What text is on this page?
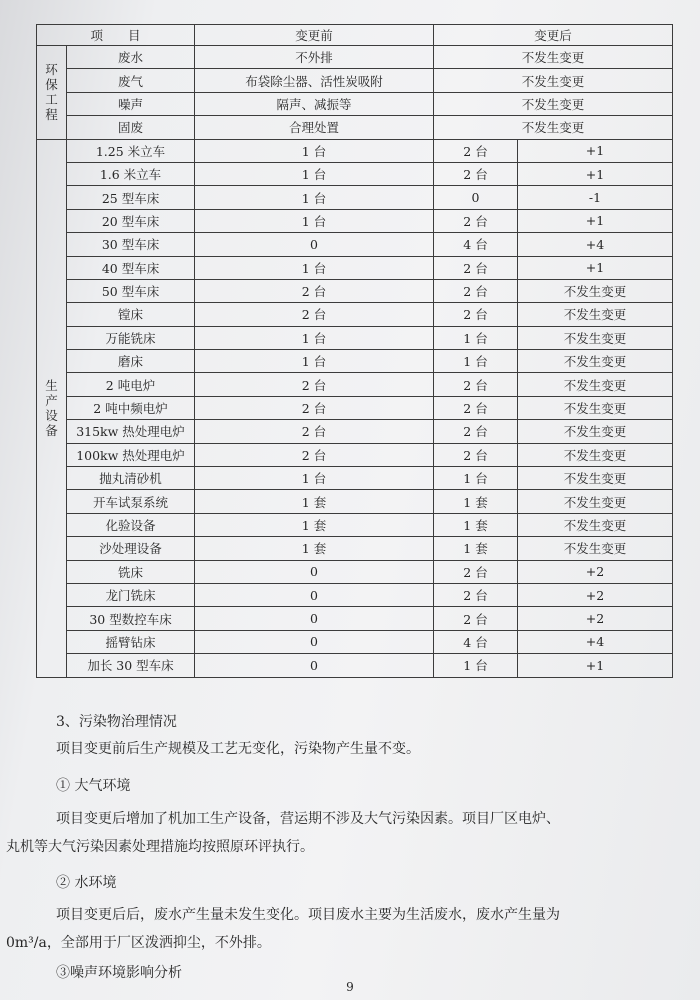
项　　目		变更前	变更后	
环保工程	废水	不外排	不发生变更	
	废气	布袋除尘器、活性炭吸附	不发生变更	
	噪声	隔声、减振等	不发生变更	
	固废	合理处置	不发生变更	
生产设备	1.25 米立车	1 台	2 台	+1
	1.6 米立车	1 台	2 台	+1
	25 型车床	1 台	0	-1
	20 型车床	1 台	2 台	+1
	30 型车床	0	4 台	+4
	40 型车床	1 台	2 台	+1
	50 型车床	2 台	2 台	不发生变更
	镗床	2 台	2 台	不发生变更
	万能铣床	1 台	1 台	不发生变更
	磨床	1 台	1 台	不发生变更
	2 吨电炉	2 台	2 台	不发生变更
	2 吨中频电炉	2 台	2 台	不发生变更
	315kw 热处理电炉	2 台	2 台	不发生变更
	100kw 热处理电炉	2 台	2 台	不发生变更
	抛丸清砂机	1 台	1 台	不发生变更
	开车试泵系统	1 套	1 套	不发生变更
	化验设备	1 套	1 套	不发生变更
	沙处理设备	1 套	1 套	不发生变更
	铣床	0	2 台	+2
	龙门铣床	0	2 台	+2
	30 型数控车床	0	2 台	+2
	摇臂钻床	0	4 台	+4
	加长 30 型车床	0	1 台	+1
3、污染物治理情况
项目变更前后生产规模及工艺无变化，污染物产生量不变。
① 大气环境
项目变更后增加了机加工生产设备，营运期不涉及大气污染因素。项目厂区电炉、
丸机等大气污染因素处理措施均按照原环评执行。
② 水环境
项目变更后后，废水产生量未发生变化。项目废水主要为生活废水，废水产生量为
0m³/a，全部用于厂区泼洒抑尘，不外排。
③噪声环境影响分析
9
